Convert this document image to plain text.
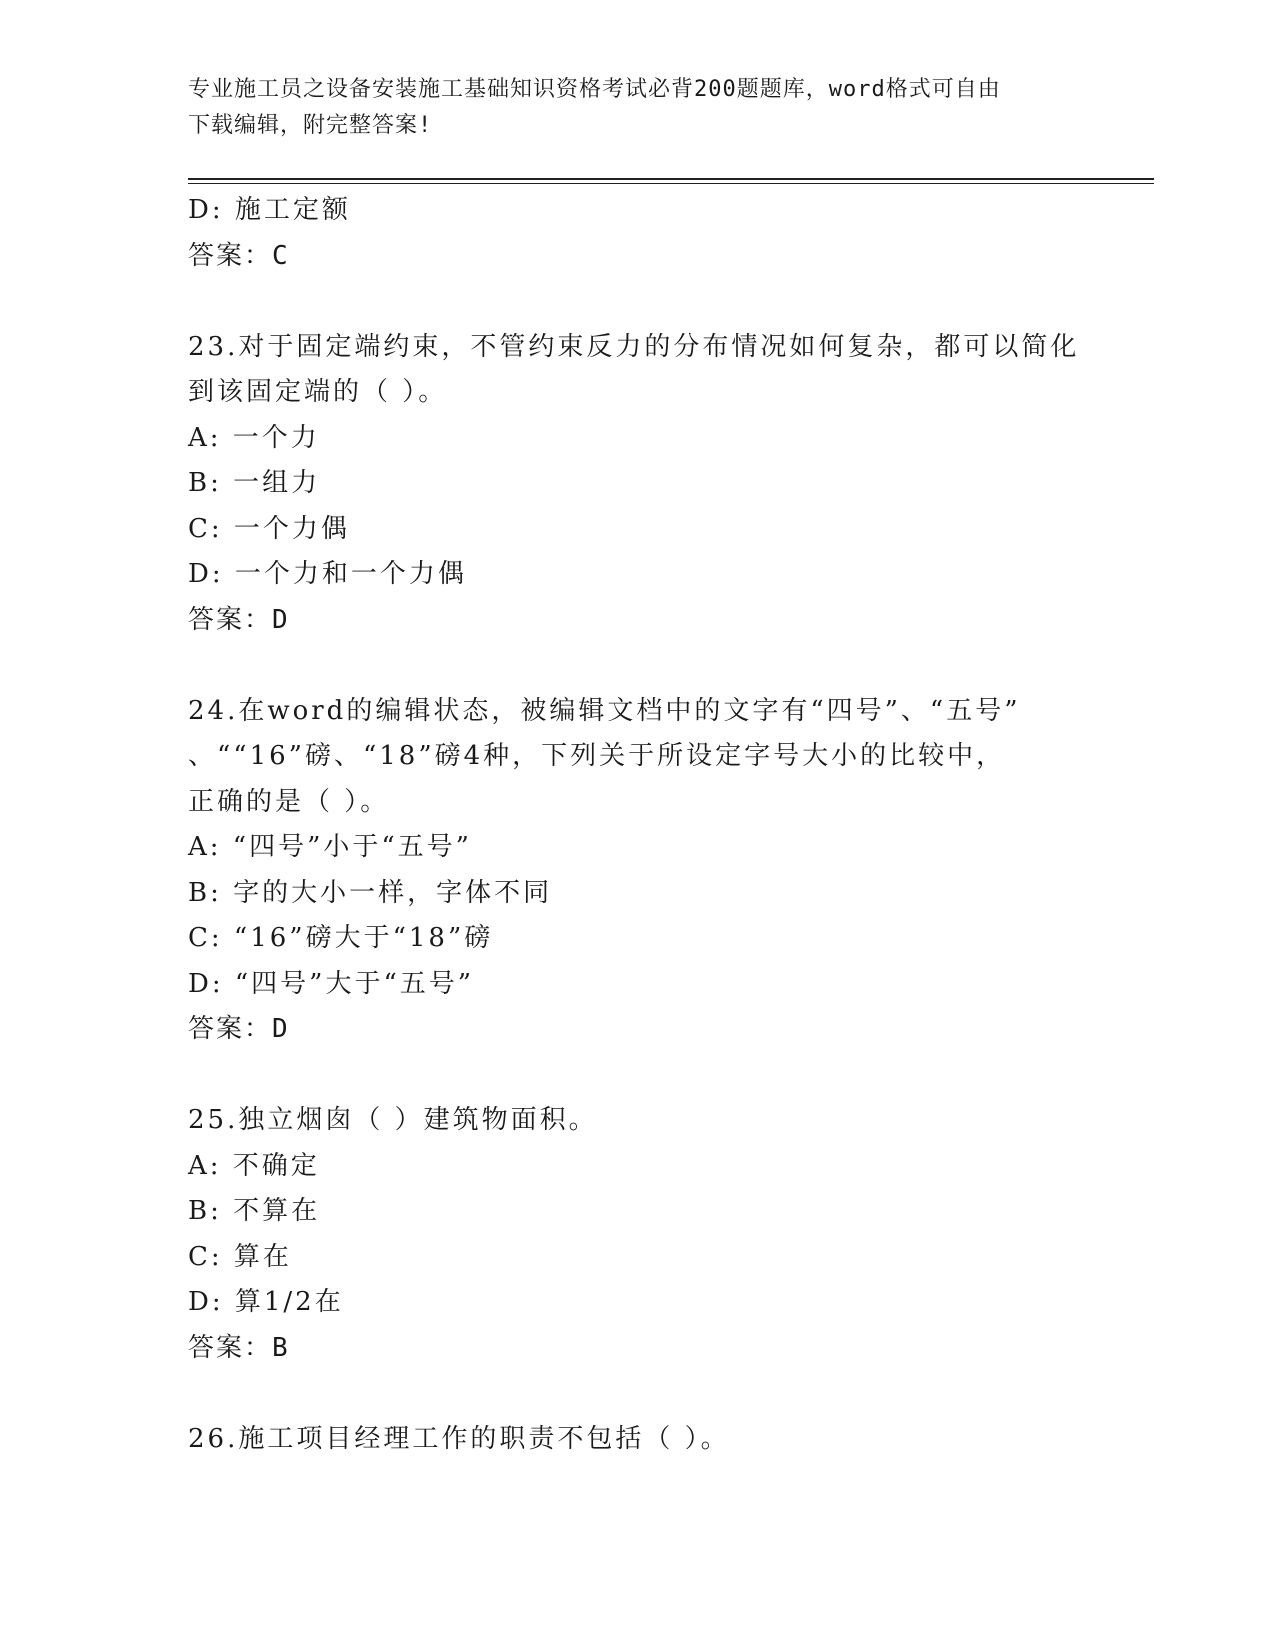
专业施工员之设备安装施工基础知识资格考试必背200题题库，word格式可自由
下载编辑，附完整答案!
D: 施工定额
答案：C
23.对于固定端约束，不管约束反力的分布情况如何复杂，都可以简化
到该固定端的（ ）。
A: 一个力
B: 一组力
C: 一个力偶
D: 一个力和一个力偶
答案：D
24.在word的编辑状态，被编辑文档中的文字有“四号”、“五号”
、““16”磅、“18”磅4种，下列关于所设定字号大小的比较中，
正确的是（ ）。
A: “四号”小于“五号”
B: 字的大小一样，字体不同
C: “16”磅大于“18”磅
D: “四号”大于“五号”
答案：D
25.独立烟囱（ ）建筑物面积。
A: 不确定
B: 不算在
C: 算在
D: 算1/2在
答案：B
26.施工项目经理工作的职责不包括（ ）。
